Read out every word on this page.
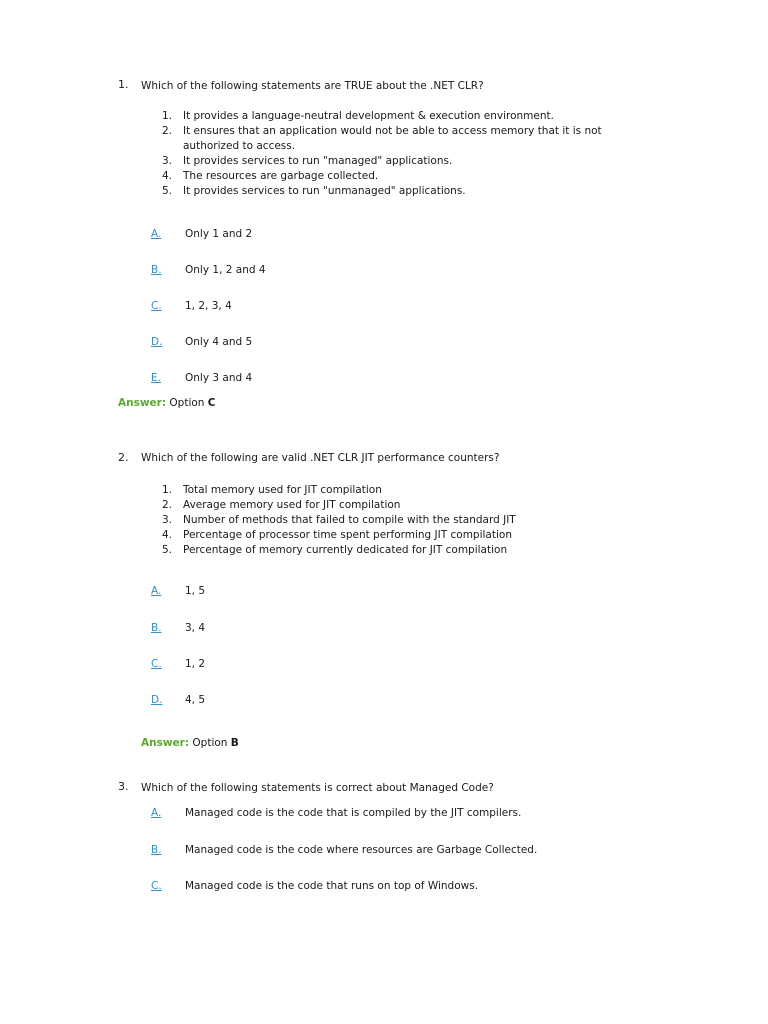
1. Which of the following statements are TRUE about the .NET CLR?
1. It provides a language-neutral development & execution environment.
2. It ensures that an application would not be able to access memory that it is not
authorized to access.
3. It provides services to run "managed" applications.
4. The resources are garbage collected.
5. It provides services to run "unmanaged" applications.
A. Only 1 and 2
B. Only 1, 2 and 4
C. 1, 2, 3, 4
D. Only 4 and 5
E. Only 3 and 4
Answer: Option C
2. Which of the following are valid .NET CLR JIT performance counters?
1. Total memory used for JIT compilation
2. Average memory used for JIT compilation
3. Number of methods that failed to compile with the standard JIT
4. Percentage of processor time spent performing JIT compilation
5. Percentage of memory currently dedicated for JIT compilation
A. 1, 5
B. 3, 4
C. 1, 2
D. 4, 5
Answer: Option B
3. Which of the following statements is correct about Managed Code?
A. Managed code is the code that is compiled by the JIT compilers.
B. Managed code is the code where resources are Garbage Collected.
C. Managed code is the code that runs on top of Windows.
